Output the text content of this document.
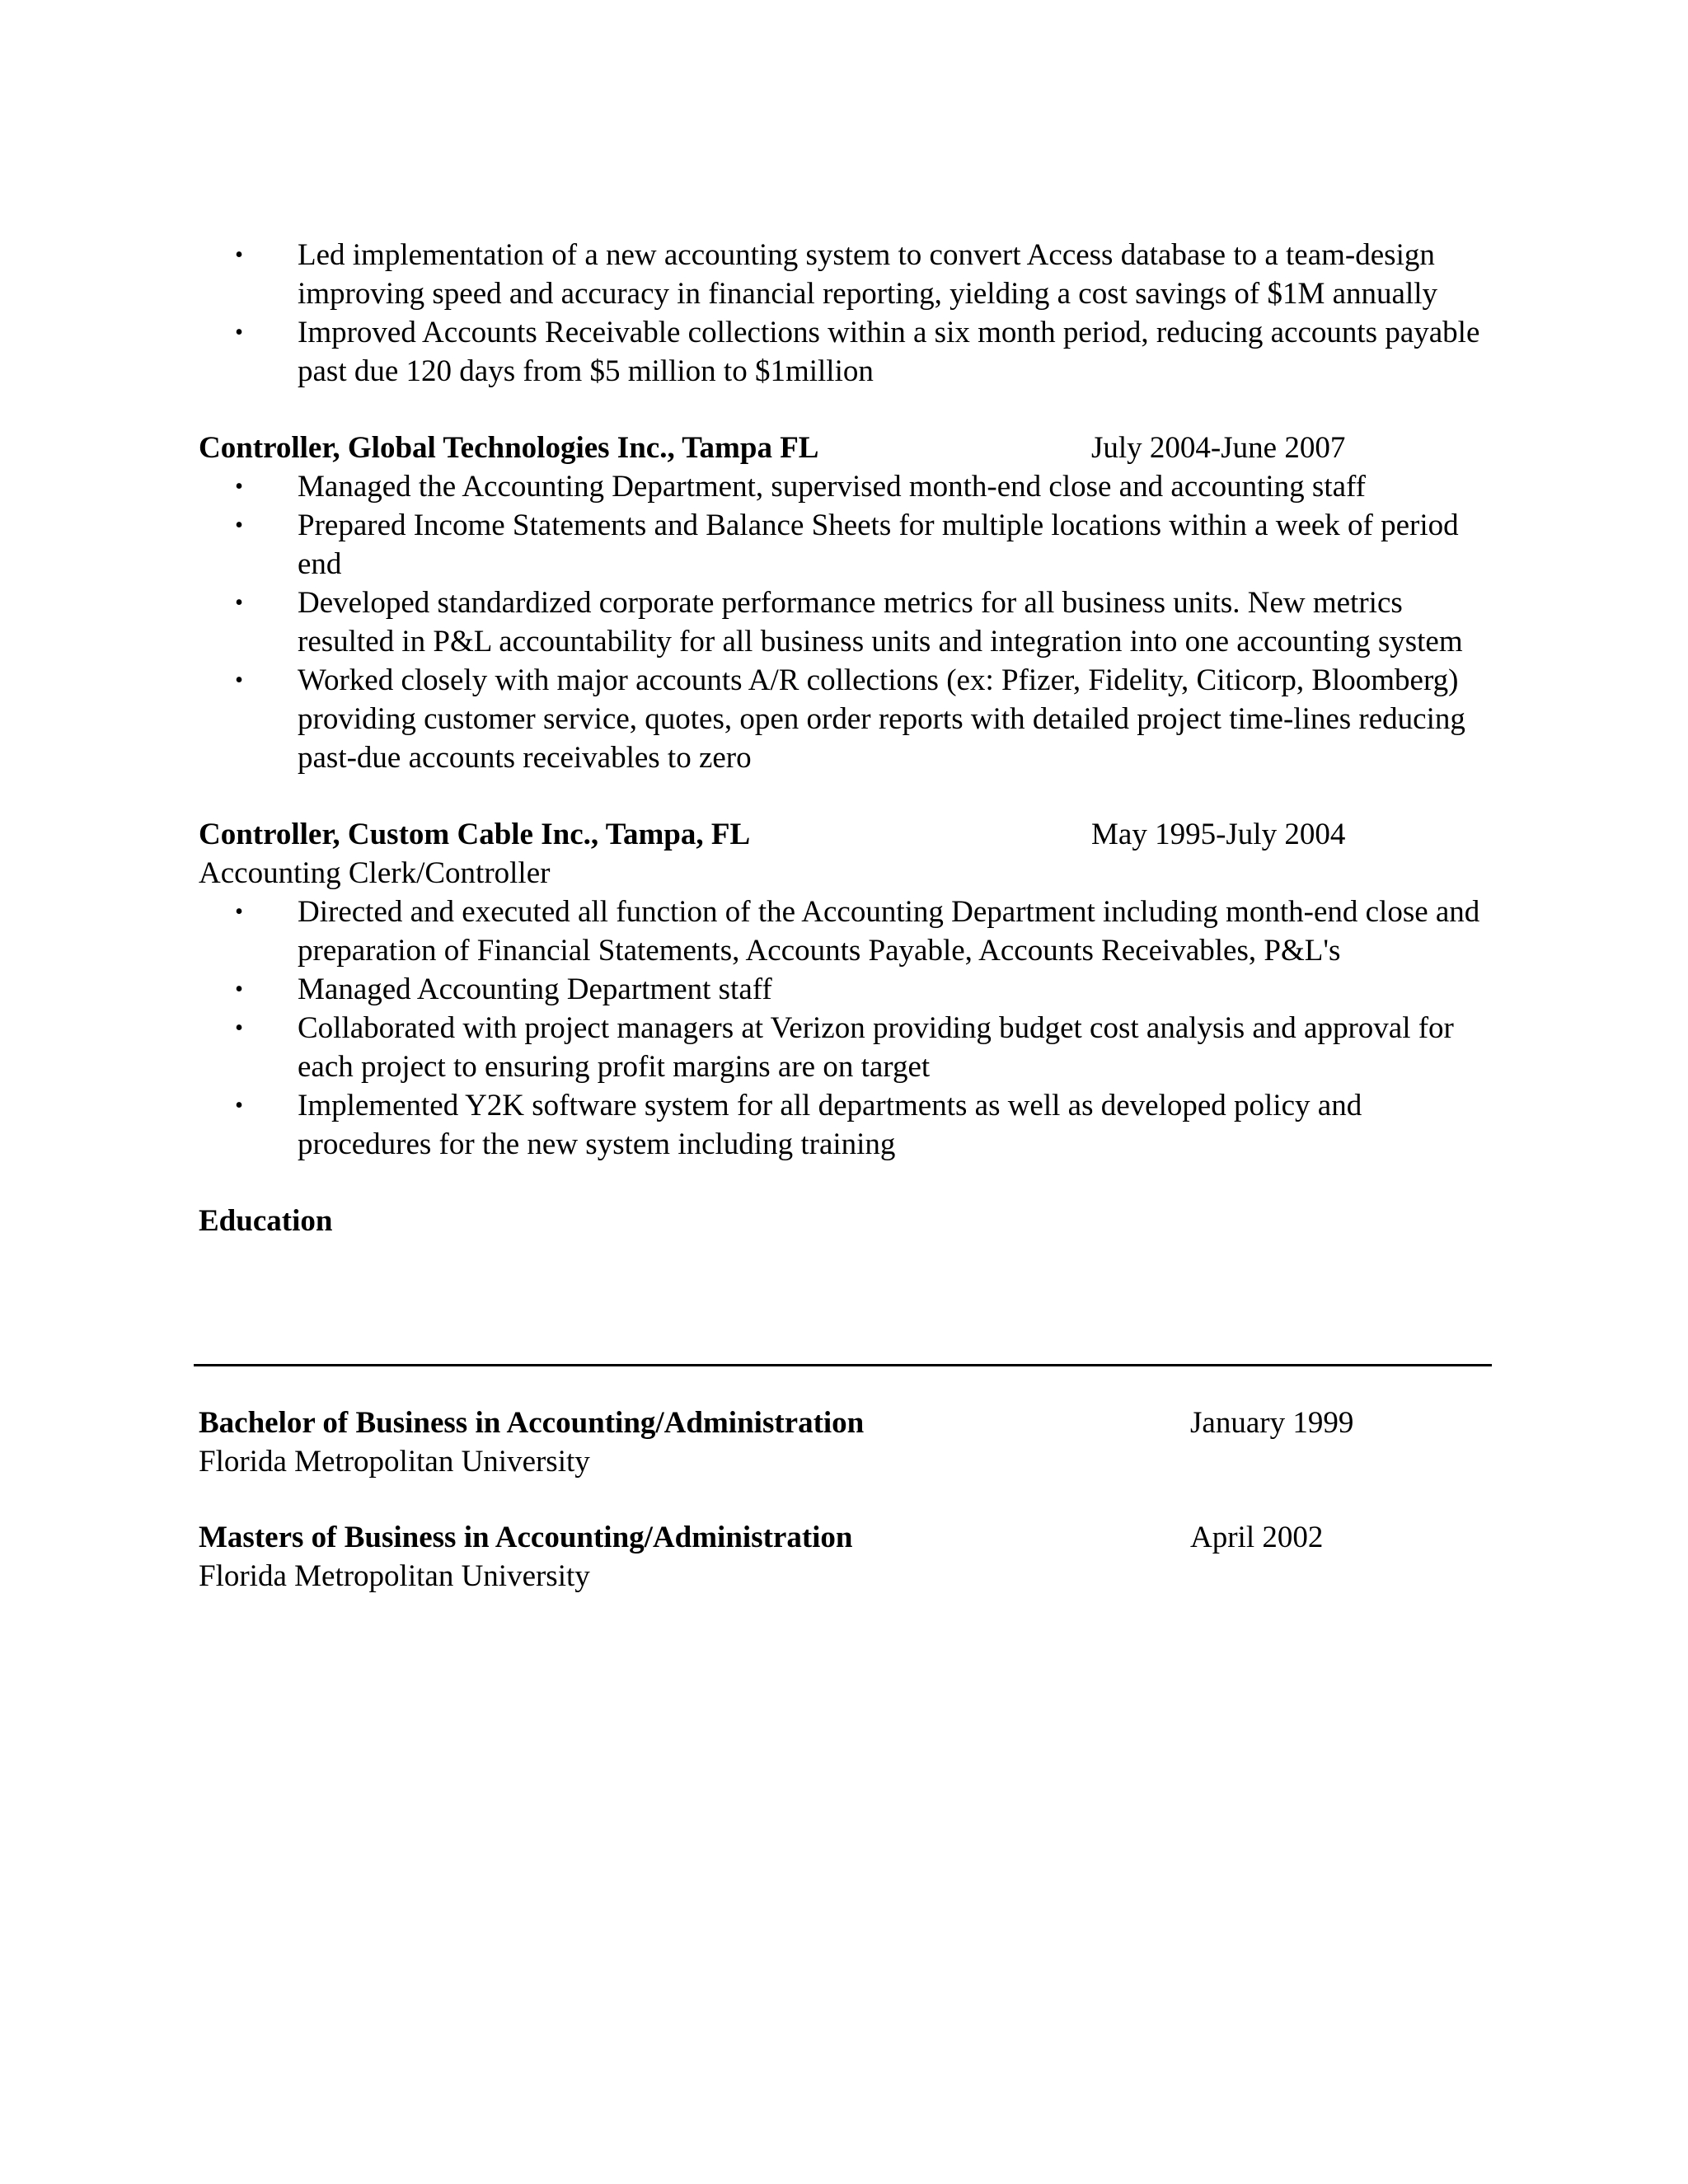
• Led implementation of a new accounting system to convert Access database to a team-design improving speed and accuracy in financial reporting, yielding a cost savings of $1M annually
• Improved Accounts Receivable collections within a six month period, reducing accounts payable past due 120 days from $5 million to $1million
Controller, Global Technologies Inc., Tampa FL	July 2004-June 2007
• Managed the Accounting Department, supervised month-end close and accounting staff
• Prepared Income Statements and Balance Sheets for multiple locations within a week of period end
• Developed standardized corporate performance metrics for all business units. New metrics resulted in P&L accountability for all business units and integration into one accounting system
• Worked closely with major accounts A/R collections (ex: Pfizer, Fidelity, Citicorp, Bloomberg) providing customer service, quotes, open order reports with detailed project time-lines reducing past-due accounts receivables to zero
Controller, Custom Cable Inc., Tampa, FL	May 1995-July 2004

Accounting Clerk/Controller

• Directed and executed all function of the Accounting Department including month-end close and preparation of Financial Statements, Accounts Payable, Accounts Receivables, P&L's
• Managed Accounting Department staff
• Collaborated with project managers at Verizon providing budget cost analysis and approval for each project to ensuring profit margins are on target
• Implemented Y2K software system for all departments as well as developed policy and procedures for the new system including training

Education

Bachelor of Business in Accounting/Administration	January 1999

Florida Metropolitan University

Masters of Business in Accounting/Administration	April 2002

Florida Metropolitan University
